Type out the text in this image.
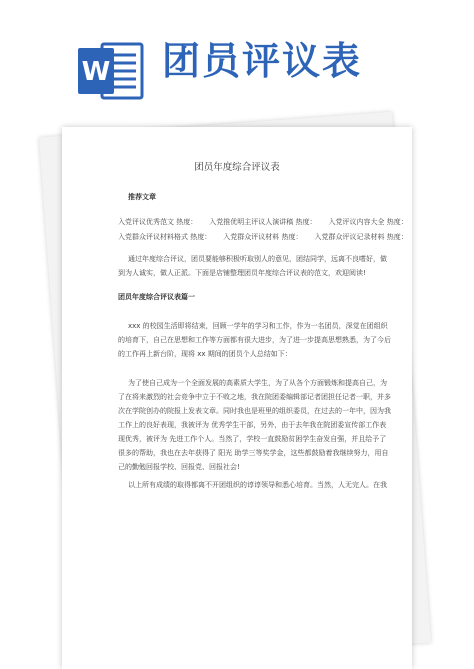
W 团员评议表
团员年度综合评议表
推荐文章
入党评议优秀范文 热度： 入党推优明主评议人演讲稿 热度： 入党评议内容大全 热度：
入党群众评议材料格式 热度： 入党群众评议材料 热度： 入党群众评议记录材料 热度：
通过年度综合评议，团员要能够积极听取别人的意见，团结同学，远离不良嗜好，做
到为人诚实，做人正派。下面是店铺整理团员年度综合评议表的范文，欢迎阅读!
团员年度综合评议表篇一
xxx 的校园生活即将结束，回顾一学年的学习和工作，作为一名团员，深觉在团组织
的培育下，自己在思想和工作等方面都有很大进步，为了进一步提高思想熟悉，为了今后
的工作再上新台阶，现将 xx 期间的团员个人总结如下：
为了使自己成为一个全面发展的高素质大学生，为了从各个方面锻炼和提高自己，为
了在将来激烈的社会竞争中立于不败之地，我在院团委编辑部记者团担任记者一职，并多
次在学院创办的院报上发表文章。同时我也是班里的组织委员，在过去的一年中，因为我
工作上的良好表现，我被评为 优秀学生干部，另外，由于去年我在院团委宣传部工作表
现优秀，被评为 先进工作个人。当然了，学校一直鼓励贫困学生奋发自强，并且给予了
很多的帮助，我也在去年获得了 阳光 助学三等奖学金，这些都鼓励着我继续努力，用自
己的勤勉回报学校、回报党、回报社会!
以上所有成绩的取得都离不开团组织的谆谆领导和悉心培育。当然，人无完人。在我
